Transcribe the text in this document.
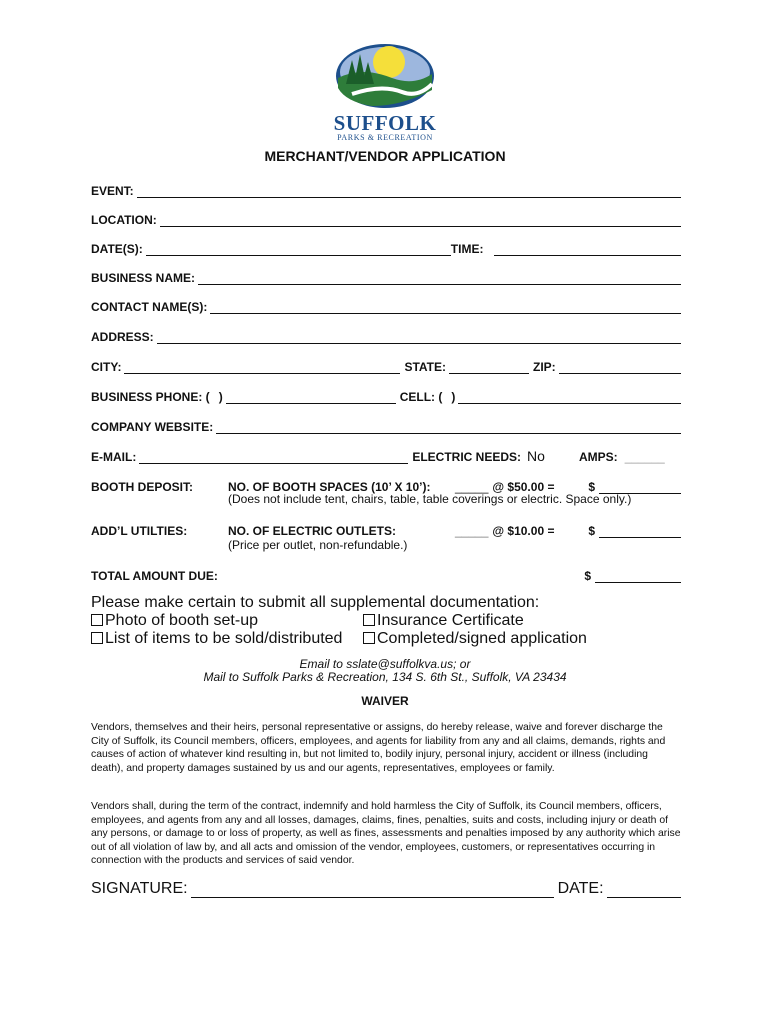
SUFFOLK
PARKS & RECREATION
MERCHANT/VENDOR APPLICATION
EVENT:
LOCATION:
DATE(S):	TIME:
BUSINESS NAME:
CONTACT NAME(S):
ADDRESS:
CITY:	STATE:	ZIP:
BUSINESS PHONE: ( )	CELL: ( )
COMPANY WEBSITE:
E-MAIL:	ELECTRIC NEEDS: No	AMPS: ______
BOOTH DEPOSIT:	NO. OF BOOTH SPACES (10’ X 10’):	_____ @ $50.00 =	$
(Does not include tent, chairs, table, table coverings or electric. Space only.)
ADD’L UTILTIES:	NO. OF ELECTRIC OUTLETS:	_____ @ $10.00 =	$
(Price per outlet, non-refundable.)
TOTAL AMOUNT DUE:	$
Please make certain to submit all supplemental documentation:
Photo of booth set-up	Insurance Certificate
List of items to be sold/distributed	Completed/signed application
Email to sslate@suffolkva.us; or
Mail to Suffolk Parks & Recreation, 134 S. 6th St., Suffolk, VA 23434
WAIVER
Vendors, themselves and their heirs, personal representative or assigns, do hereby release, waive and forever discharge the City of Suffolk, its Council members, officers, employees, and agents for liability from any and all claims, demands, rights and causes of action of whatever kind resulting in, but not limited to, bodily injury, personal injury, accident or illness (including death), and property damages sustained by us and our agents, representatives, employees or family.
Vendors shall, during the term of the contract, indemnify and hold harmless the City of Suffolk, its Council members, officers, employees, and agents from any and all losses, damages, claims, fines, penalties, suits and costs, including injury or death of any persons, or damage to or loss of property, as well as fines, assessments and penalties imposed by any authority which arise out of all violation of law by, and all acts and omission of the vendor, employees, customers, or representatives occurring in connection with the products and services of said vendor.
SIGNATURE:	DATE:
